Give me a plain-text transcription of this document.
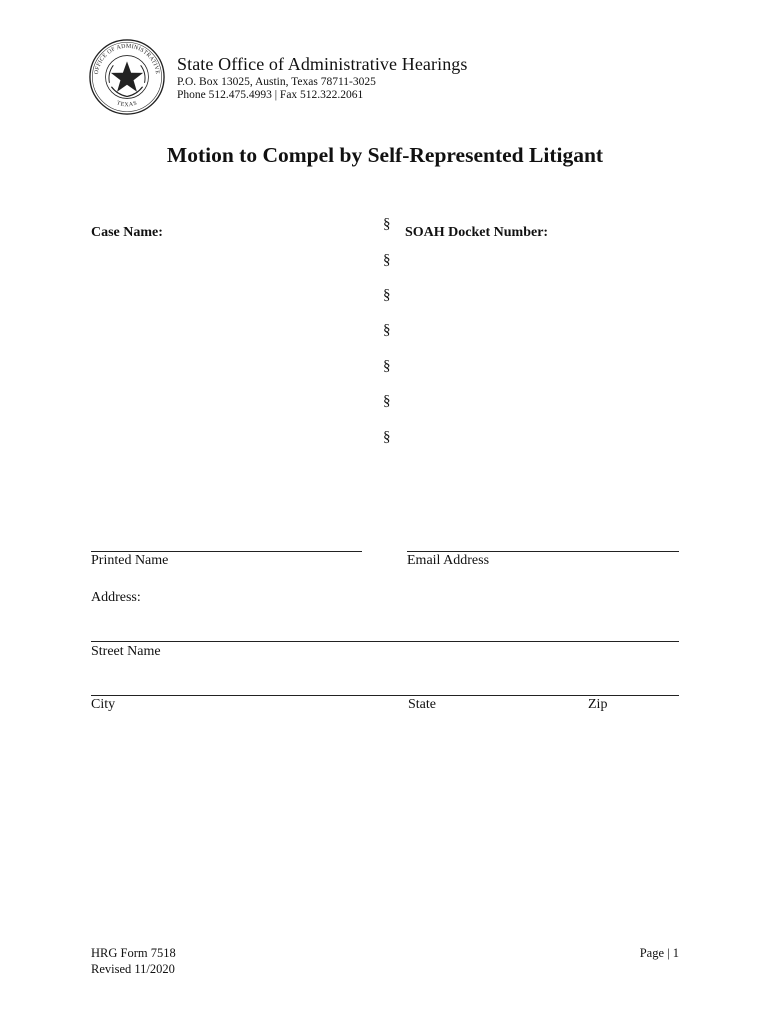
OFFICE OF ADMINISTRATIVE
TEXAS
State Office of Administrative Hearings
P.O. Box 13025, Austin, Texas 78711-3025
Phone 512.475.4993 | Fax 512.322.2061
Motion to Compel by Self-Represented Litigant
Case Name:	SOAH Docket Number:
§
§
§
§
§
§
§
Printed Name	Email Address
Address:
Street Name
City	State	Zip
HRG Form 7518
Revised 11/2020
Page | 1
